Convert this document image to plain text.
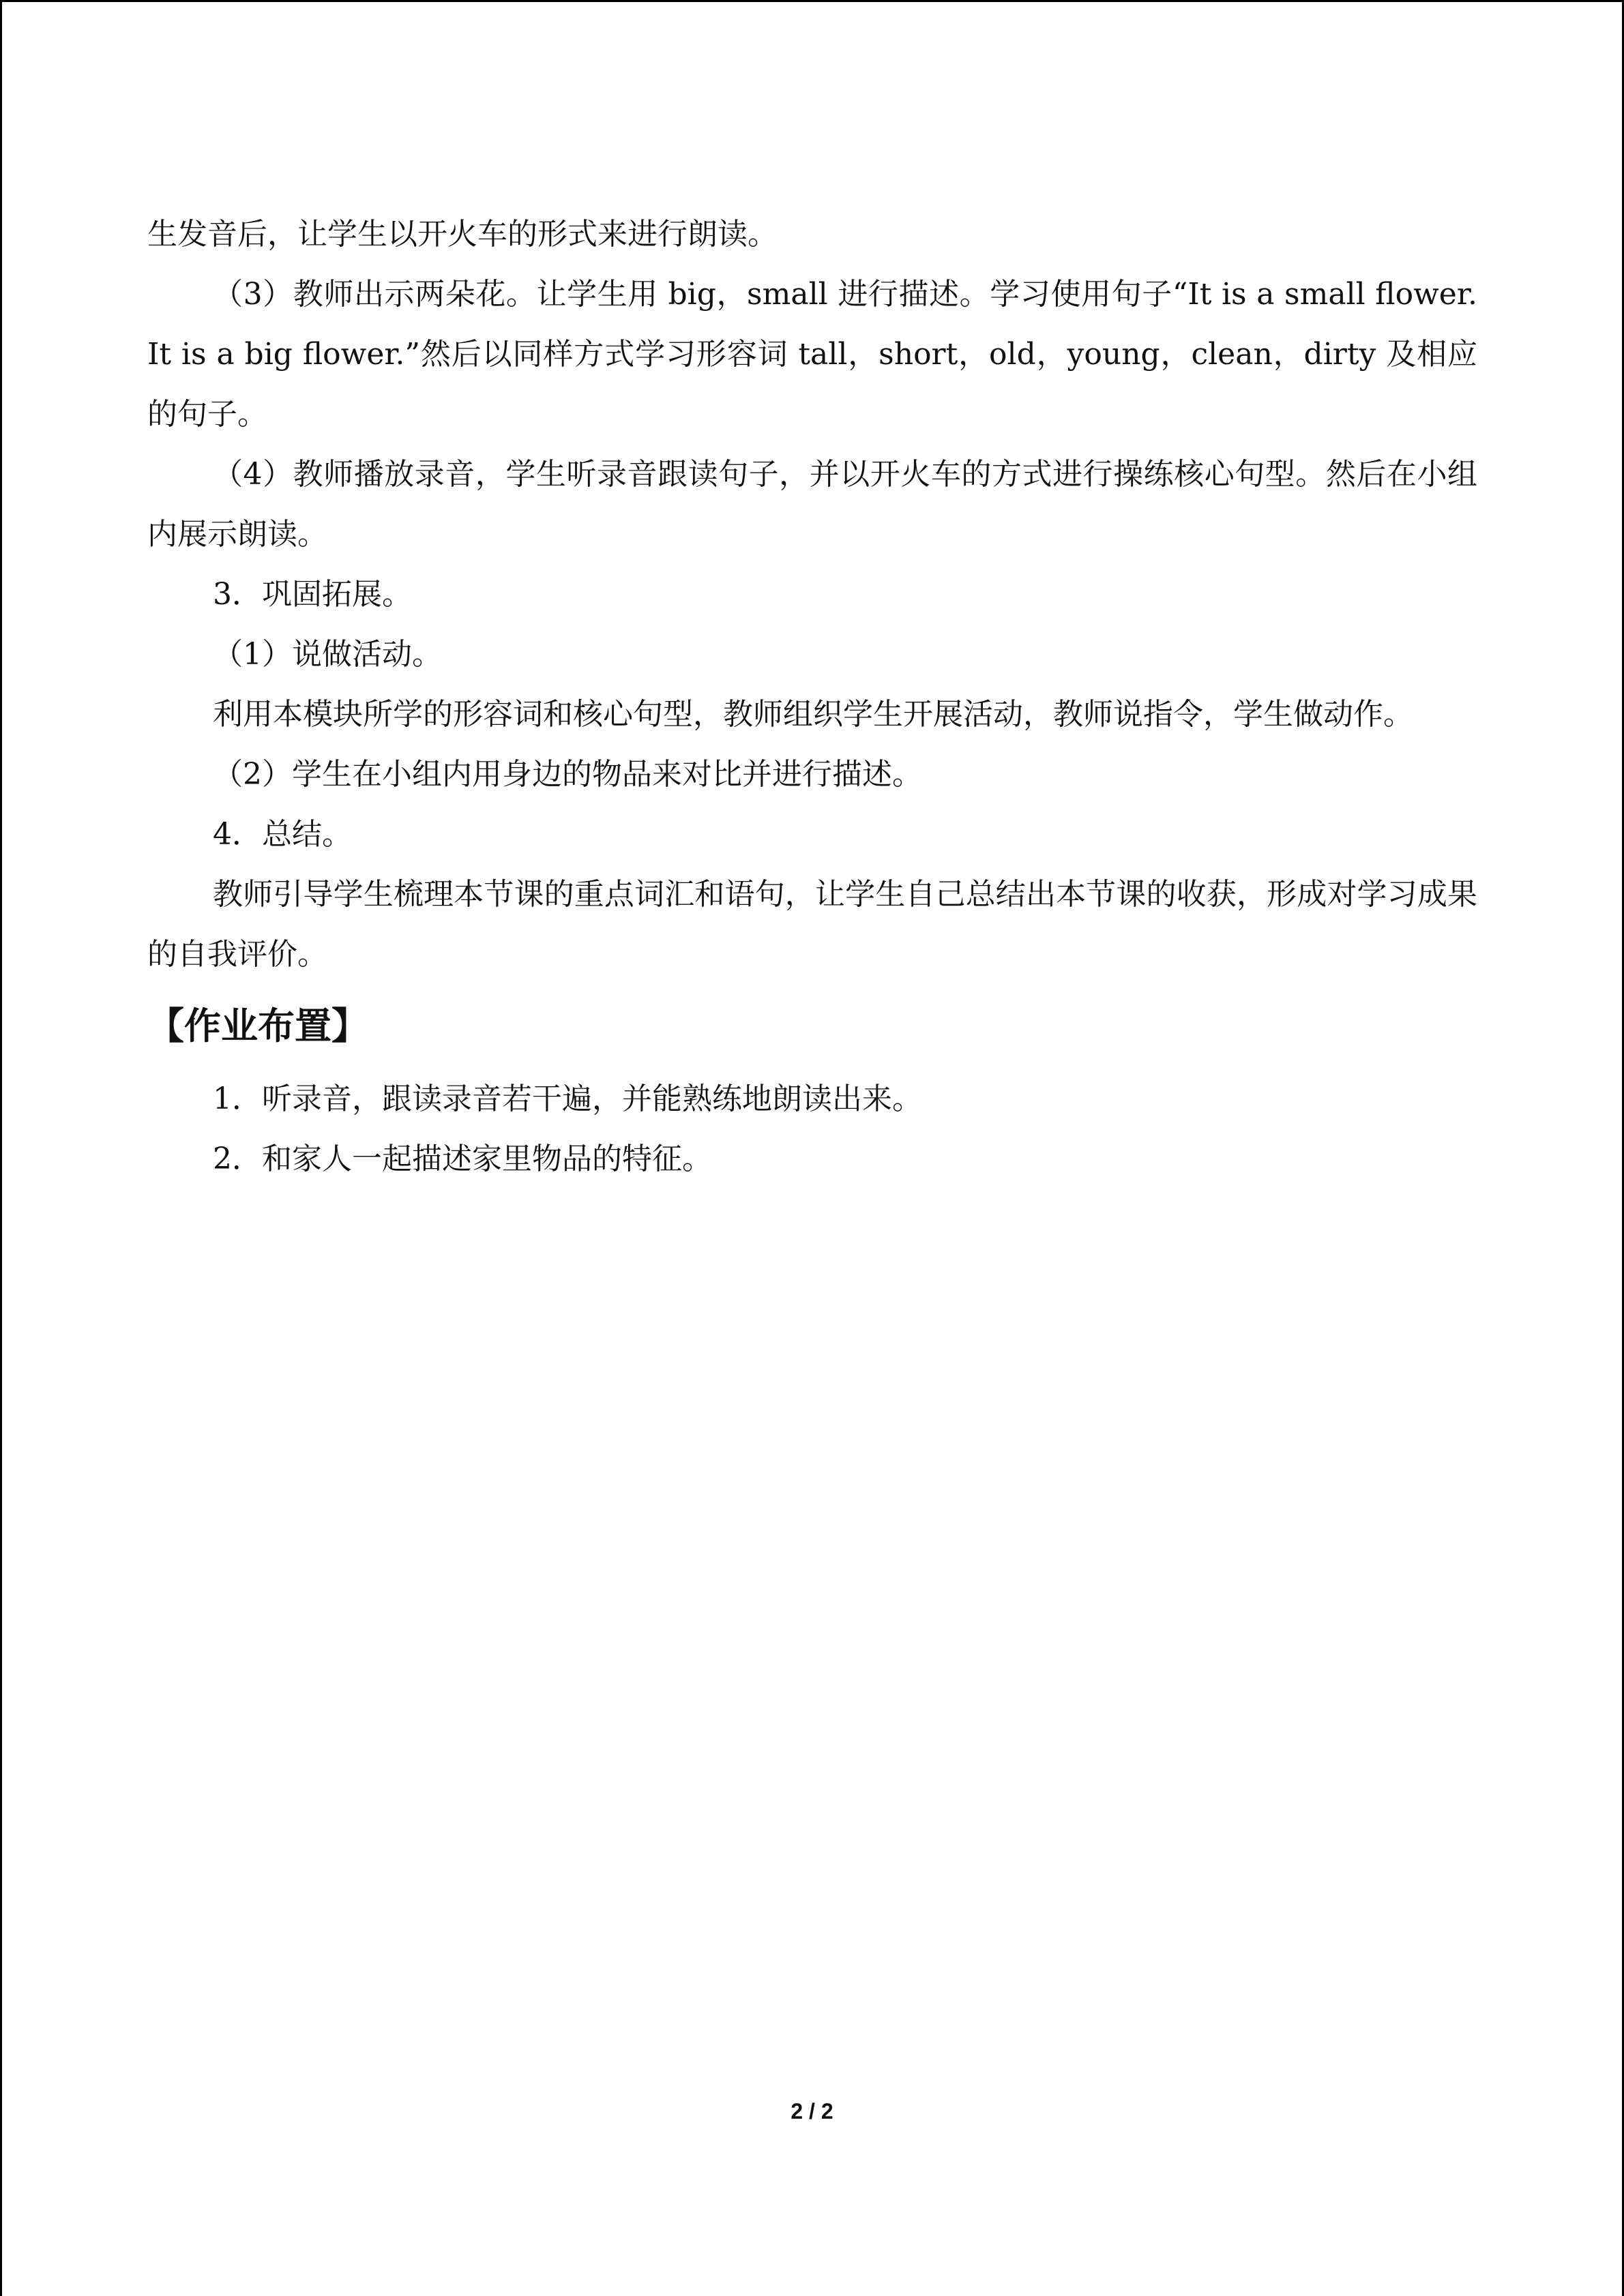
生发音后，让学生以开火车的形式来进行朗读。

（3）教师出示两朵花。让学生用 big，small 进行描述。学习使用句子“It is a small flower. It is a big flower.”然后以同样方式学习形容词 tall，short，old，young，clean，dirty 及相应的句子。

（4）教师播放录音，学生听录音跟读句子，并以开火车的方式进行操练核心句型。然后在小组内展示朗读。

3．巩固拓展。

（1）说做活动。

利用本模块所学的形容词和核心句型，教师组织学生开展活动，教师说指令，学生做动作。

（2）学生在小组内用身边的物品来对比并进行描述。

4．总结。

教师引导学生梳理本节课的重点词汇和语句，让学生自己总结出本节课的收获，形成对学习成果的自我评价。

【作业布置】

1．听录音，跟读录音若干遍，并能熟练地朗读出来。

2．和家人一起描述家里物品的特征。

2 / 2
